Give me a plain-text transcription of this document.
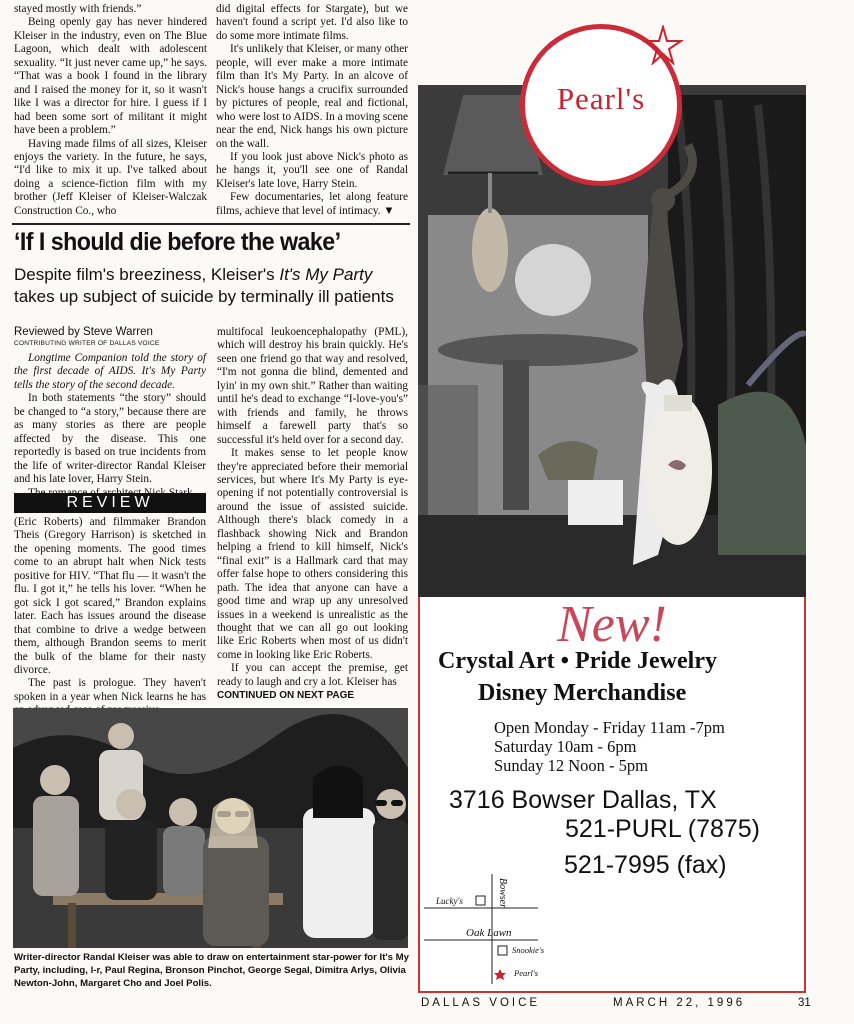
stayed mostly with friends.”

Being openly gay has never hindered Kleiser in the industry, even on The Blue Lagoon, which dealt with adolescent sexuality. “It just never came up,” he says. “That was a book I found in the library and I raised the money for it, so it wasn't like I was a director for hire. I guess if I had been some sort of militant it might have been a problem.”

Having made films of all sizes, Kleiser enjoys the variety. In the future, he says, “I'd like to mix it up. I've talked about doing a science-fiction film with my brother (Jeff Kleiser of Kleiser-Walczak Construction Co., who

did digital effects for Stargate), but we haven't found a script yet. I'd also like to do some more intimate films.

It's unlikely that Kleiser, or many other people, will ever make a more intimate film than It's My Party. In an alcove of Nick's house hangs a crucifix surrounded by pictures of people, real and fictional, who were lost to AIDS. In a moving scene near the end, Nick hangs his own picture on the wall.

If you look just above Nick's photo as he hangs it, you'll see one of Randal Kleiser's late love, Harry Stein.

Few documentaries, let along feature films, achieve that level of intimacy. ▼

‘If I should die before the wake’
Despite film's breeziness, Kleiser's It's My Party
takes up subject of suicide by terminally ill patients
Reviewed by Steve Warren
CONTRIBUTING WRITER OF DALLAS VOICE

Longtime Companion told the story of the first decade of AIDS. It's My Party tells the story of the second decade.

In both statements “the story” should be changed to “a story,” because there are as many stories as there are people affected by the disease. This one reportedly is based on true incidents from the life of writer-director Randal Kleiser and his late lover, Harry Stein.

REVIEW

(Eric Roberts) and filmmaker Brandon Theis (Gregory Harrison) is sketched in the opening moments. The good times come to an abrupt halt when Nick tests positive for HIV. “That flu — it wasn't the flu. I got it,” he tells his lover. “When he got sick I got scared,” Brandon explains later. Each has issues around the disease that combine to drive a wedge between them, although Brandon seems to merit the bulk of the blame for their nasty divorce.

The past is prologue. They haven't spoken in a year when Nick learns he has

multifocal leukoencephalopathy (PML), which will destroy his brain quickly. He's seen one friend go that way and resolved, “I'm not gonna die blind, demented and lyin' in my own shit.” Rather than waiting until he's dead to exchange “I-love-you's” with friends and family, he throws himself a farewell party that's so successful it's held over for a second day.

It makes sense to let people know they're appreciated before their memorial services, but where It's My Party is eye-opening if not potentially controversial is around the issue of assisted suicide. Although there's black comedy in a flashback showing Nick and Brandon helping a friend to kill himself, Nick's “final exit” is a Hallmark card that may offer false hope to others considering this path. The idea that anyone can have a good time and wrap up any unresolved issues in a weekend is unrealistic as the thought that we can all go out looking like Eric Roberts when most of us didn't come in looking like Eric Roberts.

If you can accept the premise, get ready to laugh and cry a lot. Kleiser has

CONTINUED ON NEXT PAGE
Writer-director Randal Kleiser was able to draw on entertainment star-power for It's My Party, including, l-r, Paul Regina, Bronson Pinchot, George Segal, Dimitra Arlys, Olivia Newton-John, Margaret Cho and Joel Polis.
Pearl's
New!
Crystal Art • Pride Jewelry
Disney Merchandise
Open Monday - Friday 11am -7pm
Saturday 10am - 6pm
Sunday 12 Noon - 5pm
3716 Bowser Dallas, TX
521-PURL (7875)
521-7995 (fax)
Lucky's	Bowser
Oak Lawn
Snookie's
Pearl's
DALLAS VOICE	MARCH 22, 1996	31
